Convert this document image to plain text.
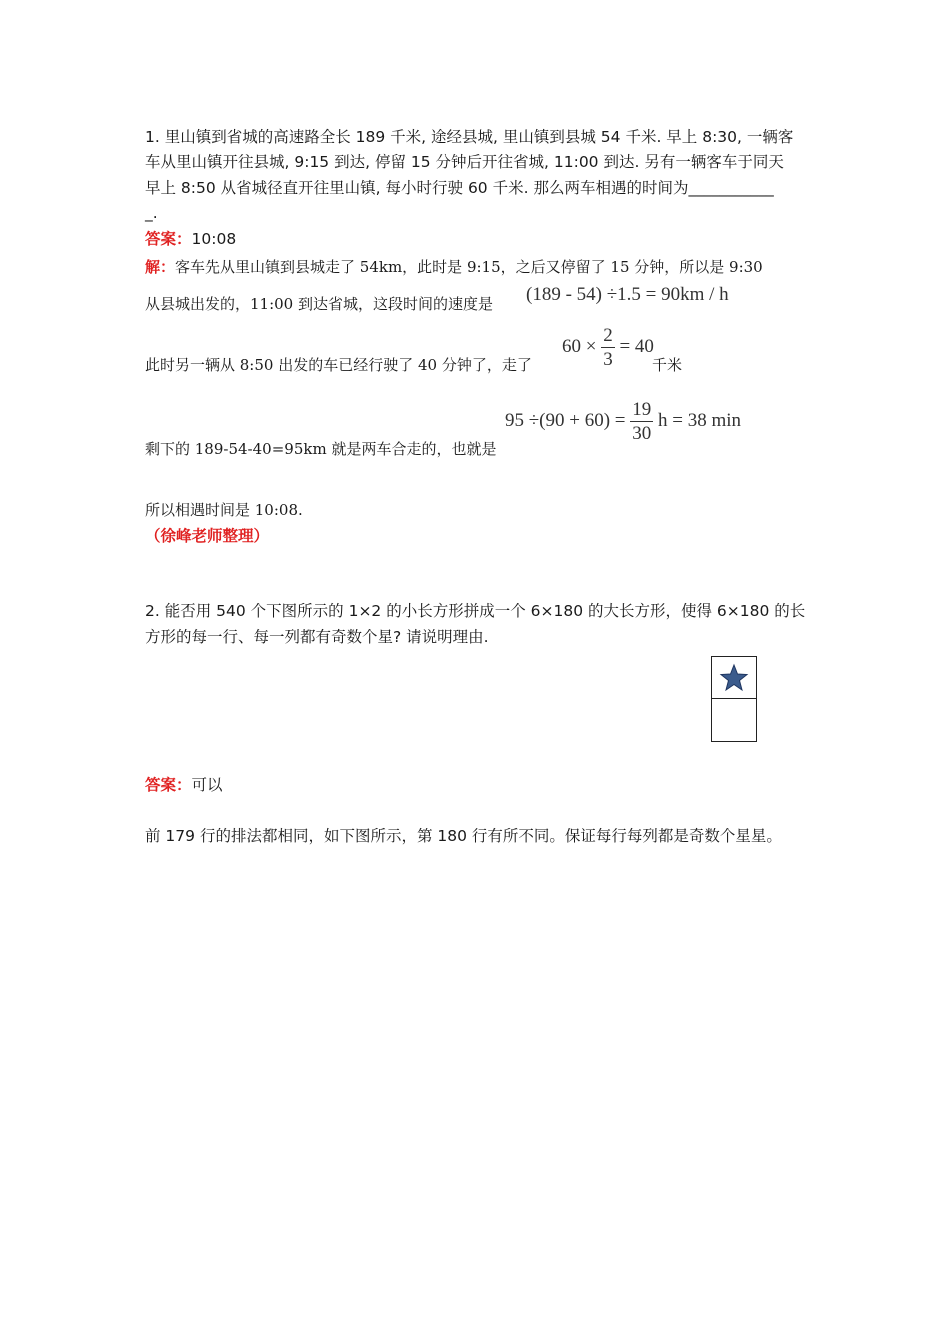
1. 里山镇到省城的高速路全长 189 千米, 途经县城, 里山镇到县城 54 千米. 早上 8:30, 一辆客
车从里山镇开往县城, 9:15 到达, 停留 15 分钟后开往省城, 11:00 到达. 另有一辆客车于同天
早上 8:50 从省城径直开往里山镇, 每小时行驶 60 千米. 那么两车相遇的时间为___________
_.
答案：10:08
解：客车先从里山镇到县城走了 54km，此时是 9:15，之后又停留了 15 分钟，所以是 9:30
从县城出发的，11:00 到达省城，这段时间的速度是 (189 - 54) ÷1.5 = 90km / h
此时另一辆从 8:50 出发的车已经行驶了 40 分钟了，走了
$60 \times \frac{2}{3} = 40$
千米
$95 \div(90 + 60) = \frac{19}{30}$ h = 38 min
剩下的 189-54-40=95km 就是两车合走的，也就是
所以相遇时间是 10:08.
（徐峰老师整理）
2. 能否用 540 个下图所示的 1×2 的小长方形拼成一个 6×180 的大长方形，使得 6×180 的长
方形的每一行、每一列都有奇数个星? 请说明理由.
答案：可以
前 179 行的排法都相同，如下图所示，第 180 行有所不同。保证每行每列都是奇数个星星。
